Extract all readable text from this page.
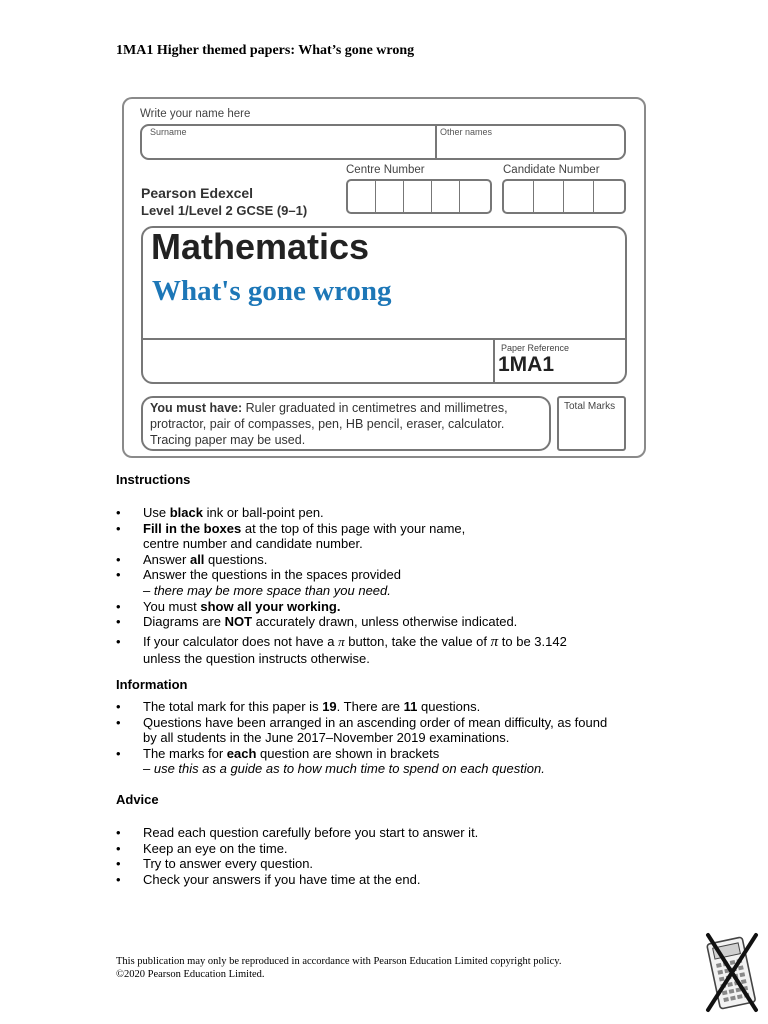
1MA1 Higher themed papers: What’s gone wrong
Write your name here
Surname	Other names
Centre Number	Candidate Number
Pearson Edexcel
Level 1/Level 2 GCSE (9–1)
Mathematics
What's gone wrong
Paper Reference
1MA1
You must have: Ruler graduated in centimetres and millimetres, protractor, pair of compasses, pen, HB pencil, eraser, calculator. Tracing paper may be used.
Total Marks
Instructions
• Use black ink or ball-point pen.
• Fill in the boxes at the top of this page with your name,
centre number and candidate number.
• Answer all questions.
• Answer the questions in the spaces provided
– there may be more space than you need.
• You must show all your working.
• Diagrams are NOT accurately drawn, unless otherwise indicated.
• If your calculator does not have a π button, take the value of π to be 3.142
unless the question instructs otherwise.
Information
• The total mark for this paper is 19. There are 11 questions.
• Questions have been arranged in an ascending order of mean difficulty, as found
by all students in the June 2017–November 2019 examinations.
• The marks for each question are shown in brackets
– use this as a guide as to how much time to spend on each question.
Advice
• Read each question carefully before you start to answer it.
• Keep an eye on the time.
• Try to answer every question.
• Check your answers if you have time at the end.
This publication may only be reproduced in accordance with Pearson Education Limited copyright policy.
©2020 Pearson Education Limited.
